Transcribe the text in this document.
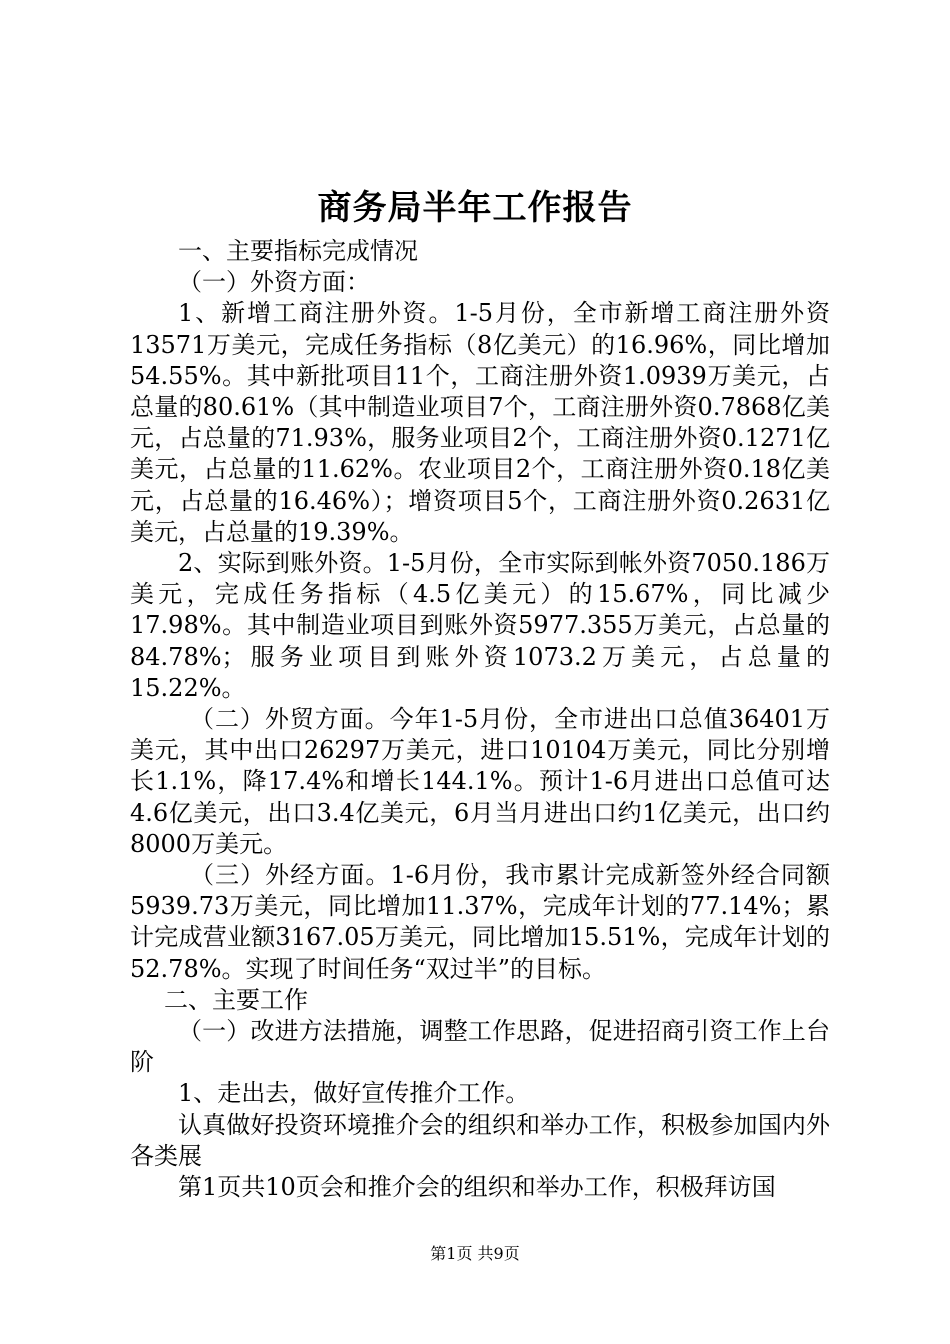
商务局半年工作报告

一、主要指标完成情况

（一）外资方面：

1、新增工商注册外资。1-5月份，全市新增工商注册外资13571万美元，完成任务指标（8亿美元）的16.96%，同比增加54.55%。其中新批项目11个，工商注册外资1.0939万美元，占总量的80.61%（其中制造业项目7个，工商注册外资0.7868亿美元，占总量的71.93%，服务业项目2个，工商注册外资0.1271亿美元，占总量的11.62%。农业项目2个，工商注册外资0.18亿美元，占总量的16.46%）；增资项目5个，工商注册外资0.2631亿美元，占总量的19.39%。

2、实际到账外资。1-5月份，全市实际到帐外资7050.186万美元，完成任务指标（4.5亿美元）的15.67%，同比减少17.98%。其中制造业项目到账外资5977.355万美元，占总量的84.78%；服务业项目到账外资1073.2万美元，占总量的15.22%。

（二）外贸方面。今年1-5月份，全市进出口总值36401万美元，其中出口26297万美元，进口10104万美元，同比分别增长1.1%，降17.4%和增长144.1%。预计1-6月进出口总值可达4.6亿美元，出口3.4亿美元，6月当月进出口约1亿美元，出口约8000万美元。

（三）外经方面。1-6月份，我市累计完成新签外经合同额5939.73万美元，同比增加11.37%，完成年计划的77.14%；累计完成营业额3167.05万美元，同比增加15.51%，完成年计划的52.78%。实现了时间任务“双过半”的目标。

二、主要工作

（一）改进方法措施，调整工作思路，促进招商引资工作上台阶

1、走出去，做好宣传推介工作。

认真做好投资环境推介会的组织和举办工作，积极参加国内外各类展

第1页共10页会和推介会的组织和举办工作，积极拜访国

第1页 共9页
